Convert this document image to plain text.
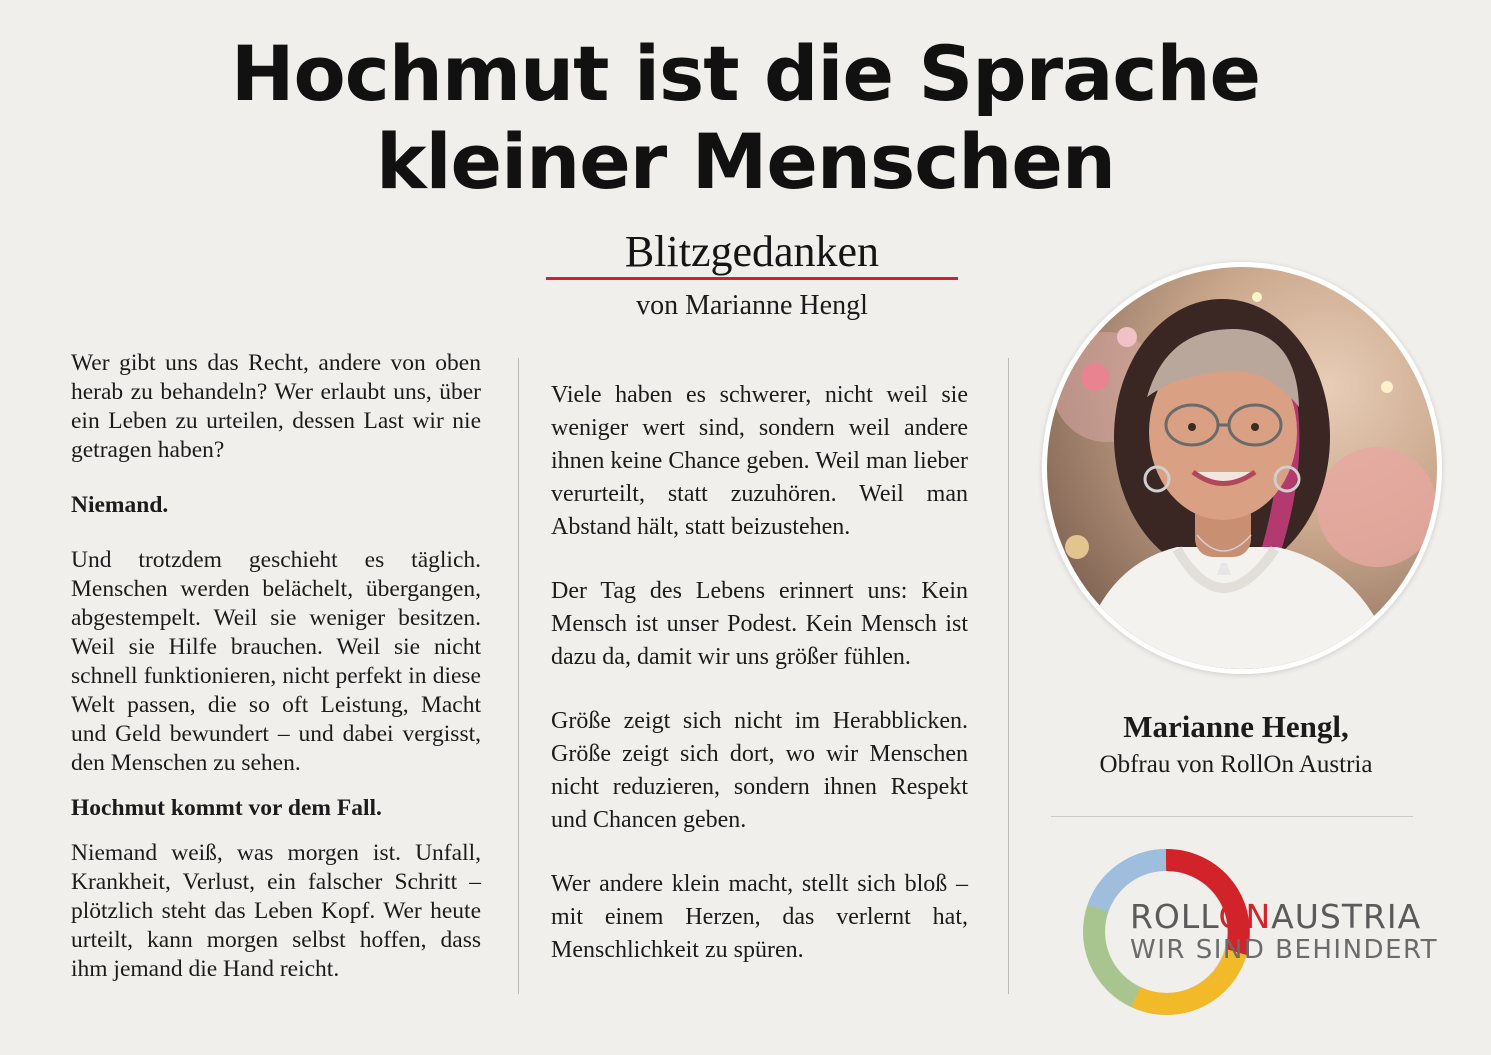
Hochmut ist die Sprache
kleiner Menschen
Blitzgedanken
von Marianne Hengl

Wer gibt uns das Recht, andere von oben herab zu behandeln? Wer erlaubt uns, über ein Leben zu urteilen, dessen Last wir nie getragen haben?

Niemand.

Und trotzdem geschieht es täglich. Menschen werden belächelt, übergangen, abgestempelt. Weil sie weniger besitzen. Weil sie Hilfe brauchen. Weil sie nicht schnell funktionieren, nicht perfekt in diese Welt passen, die so oft Leistung, Macht und Geld bewundert – und dabei vergisst, den Menschen zu sehen.

Hochmut kommt vor dem Fall.

Niemand weiß, was morgen ist. Unfall, Krankheit, Verlust, ein falscher Schritt – plötzlich steht das Leben Kopf. Wer heute urteilt, kann morgen selbst hoffen, dass ihm jemand die Hand reicht.

Viele haben es schwerer, nicht weil sie weniger wert sind, sondern weil andere ihnen keine Chance geben. Weil man lieber verurteilt, statt zuzuhören. Weil man Abstand hält, statt beizustehen.

Der Tag des Lebens erinnert uns: Kein Mensch ist unser Podest. Kein Mensch ist dazu da, damit wir uns größer fühlen.

Größe zeigt sich nicht im Herabblicken. Größe zeigt sich dort, wo wir Menschen nicht reduzieren, sondern ihnen Respekt und Chancen geben.

Wer andere klein macht, stellt sich bloß – mit einem Herzen, das verlernt hat, Menschlichkeit zu spüren.

Marianne Hengl,
Obfrau von RollOn Austria
ROLLONAUSTRIA
WIR SIND BEHINDERT
